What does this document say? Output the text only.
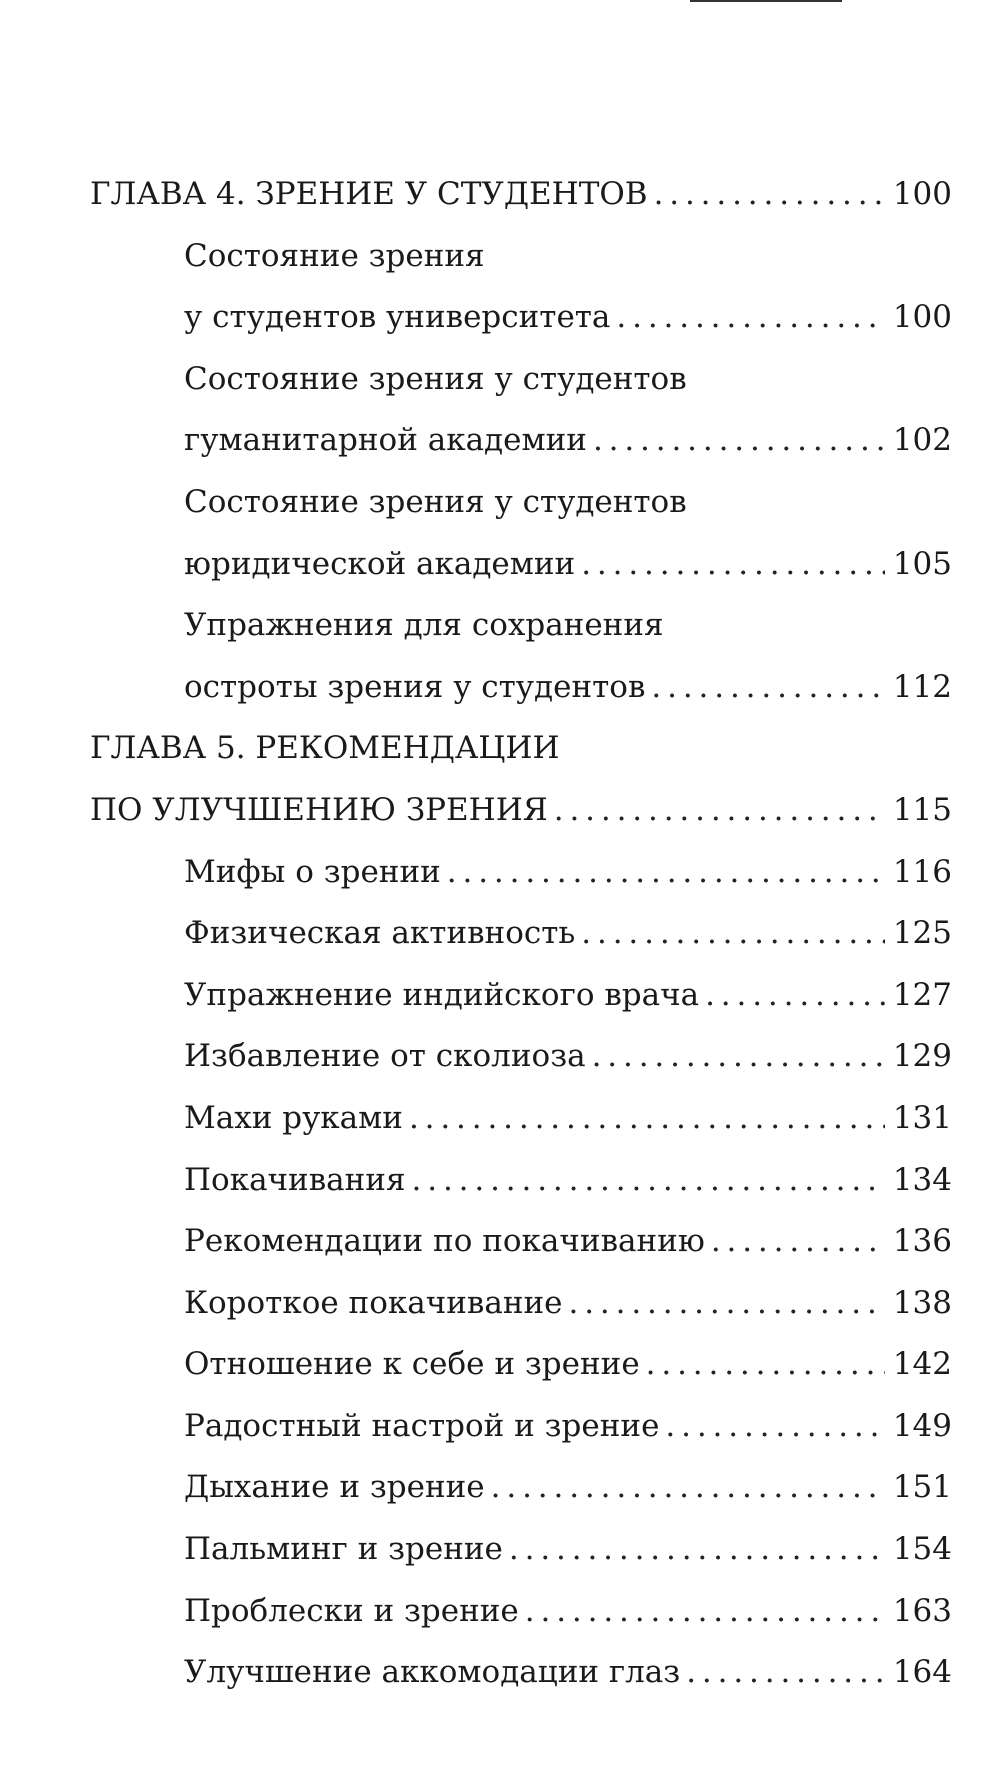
ГЛАВА 4. ЗРЕНИЕ У СТУДЕНТОВ . . .	100
Состояние зрения
у студентов университета . . .	100
Состояние зрения у студентов
гуманитарной академии . . .	102
Состояние зрения у студентов
юридической академии . . .	105
Упражнения для сохранения
остроты зрения у студентов . . .	112
ГЛАВА 5. РЕКОМЕНДАЦИИ
ПО УЛУЧШЕНИЮ ЗРЕНИЯ . . .	115
Мифы о зрении . . .	116
Физическая активность . . .	125
Упражнение индийского врача . . .	127
Избавление от сколиоза . . .	129
Махи руками . . .	131
Покачивания . . .	134
Рекомендации по покачиванию . . .	136
Короткое покачивание . . .	138
Отношение к себе и зрение . . .	142
Радостный настрой и зрение . . .	149
Дыхание и зрение . . .	151
Пальминг и зрение . . .	154
Проблески и зрение . . .	163
Улучшение аккомодации глаз . . .	164
